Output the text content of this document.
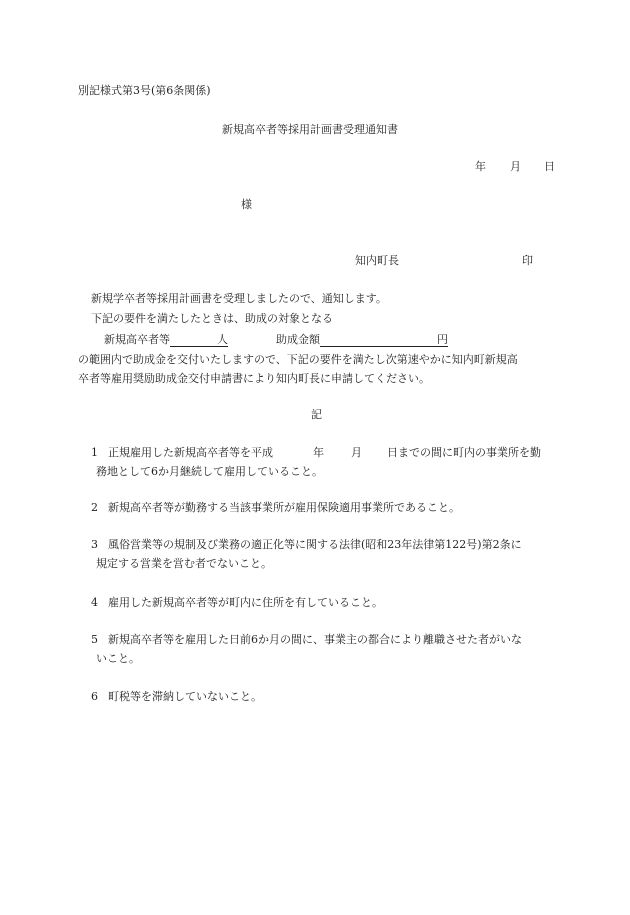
別記様式第3号(第6条関係)
新規高卒者等採用計画書受理通知書
年 月 日
様
知内町長	印
新規学卒者等採用計画書を受理しましたので、通知します。
下記の要件を満たしたときは、助成の対象となる
新規高卒者等	人	助成金額	円
の範囲内で助成金を交付いたしますので、下記の要件を満たし次第速やかに知内町新規高
卒者等雇用奨励助成金交付申請書により知内町長に申請してください。
記
1 正規雇用した新規高卒者等を平成	年 月 日までの間に町内の事業所を勤
務地として6か月継続して雇用していること。
2 新規高卒者等が勤務する当該事業所が雇用保険適用事業所であること。
3 風俗営業等の規制及び業務の適正化等に関する法律(昭和23年法律第122号)第2条に
規定する営業を営む者でないこと。
4 雇用した新規高卒者等が町内に住所を有していること。
5 新規高卒者等を雇用した日前6か月の間に、事業主の都合により離職させた者がいな
いこと。
6 町税等を滞納していないこと。
